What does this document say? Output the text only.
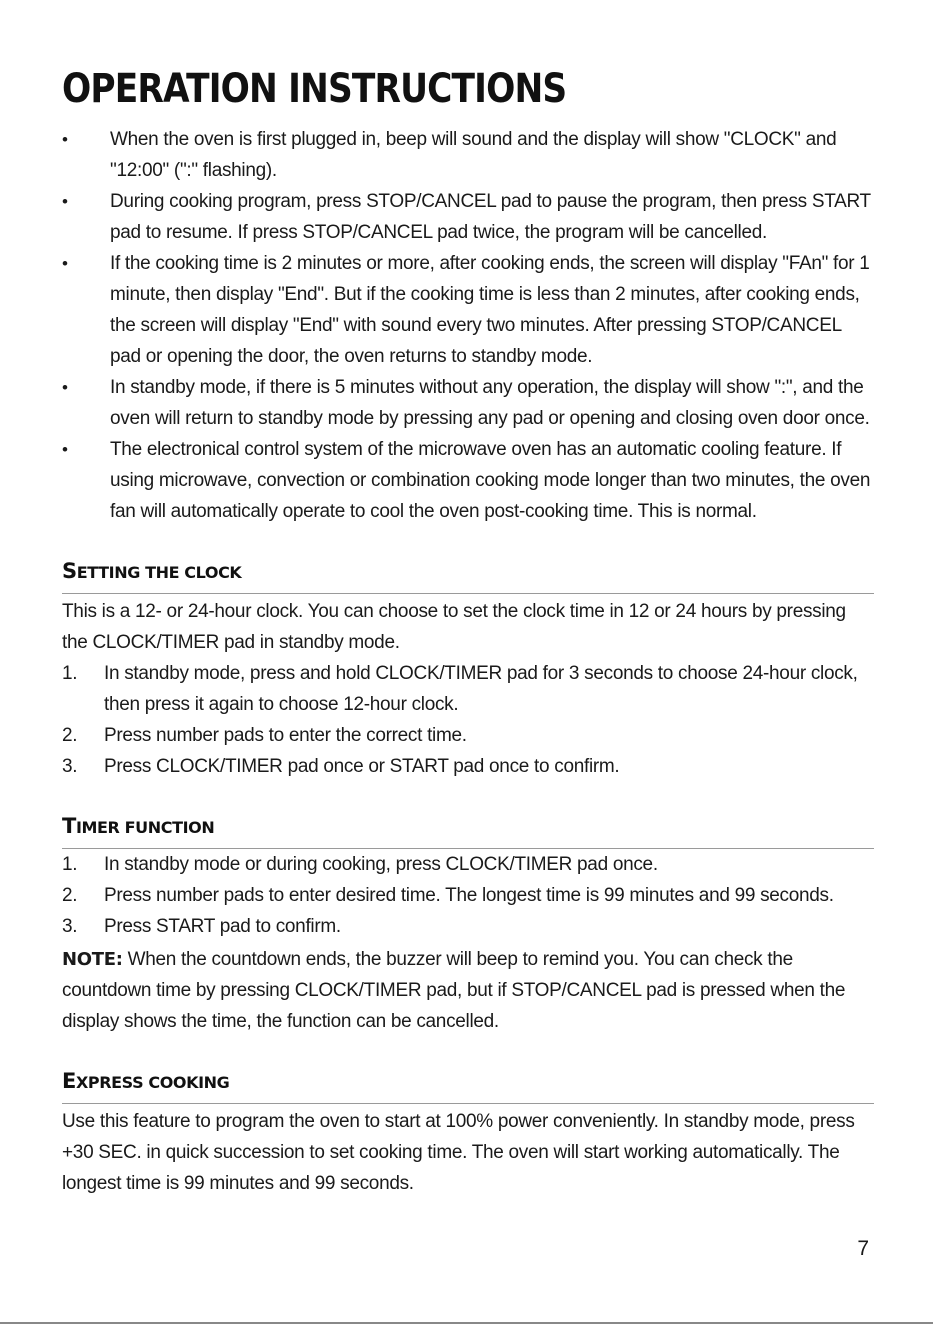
OPERATION INSTRUCTIONS
• When the oven is first plugged in, beep will sound and the display will show "CLOCK" and "12:00" (":" flashing).
• During cooking program, press STOP/CANCEL pad to pause the program, then press START pad to resume. If press STOP/CANCEL pad twice, the program will be cancelled.
• If the cooking time is 2 minutes or more, after cooking ends, the screen will display "FAn" for 1 minute, then display "End". But if the cooking time is less than 2 minutes, after cooking ends, the screen will display "End" with sound every two minutes. After pressing STOP/CANCEL pad or opening the door, the oven returns to standby mode.
• In standby mode, if there is 5 minutes without any operation, the display will show ":", and the oven will return to standby mode by pressing any pad or opening and closing oven door once.
• The electronical control system of the microwave oven has an automatic cooling feature. If using microwave, convection or combination cooking mode longer than two minutes, the oven fan will automatically operate to cool the oven post-cooking time. This is normal.
SETTING THE CLOCK

This is a 12- or 24-hour clock. You can choose to set the clock time in 12 or 24 hours by pressing the CLOCK/TIMER pad in standby mode.

1. In standby mode, press and hold CLOCK/TIMER pad for 3 seconds to choose 24-hour clock, then press it again to choose 12-hour clock.
2. Press number pads to enter the correct time.
3. Press CLOCK/TIMER pad once or START pad once to confirm.
TIMER FUNCTION
1. In standby mode or during cooking, press CLOCK/TIMER pad once.
2. Press number pads to enter desired time. The longest time is 99 minutes and 99 seconds.
3. Press START pad to confirm.

NOTE: When the countdown ends, the buzzer will beep to remind you. You can check the countdown time by pressing CLOCK/TIMER pad, but if STOP/CANCEL pad is pressed when the display shows the time, the function can be cancelled.

EXPRESS COOKING

Use this feature to program the oven to start at 100% power conveniently. In standby mode, press +30 SEC. in quick succession to set cooking time. The oven will start working automatically. The longest time is 99 minutes and 99 seconds.

7
